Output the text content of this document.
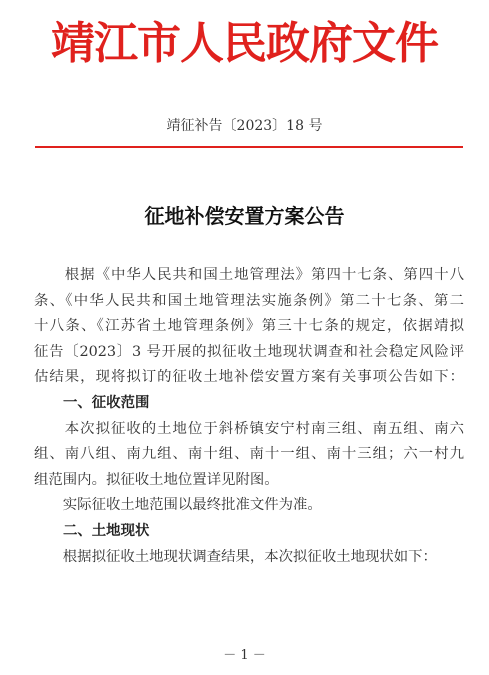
靖江市人民政府文件
靖征补告〔2023〕18 号
征地补偿安置方案公告
　　根据《中华人民共和国土地管理法》第四十七条、第四十八
条、《中华人民共和国土地管理法实施条例》第二十七条、第二
十八条、《江苏省土地管理条例》第三十七条的规定，依据靖拟
征告〔2023〕3 号开展的拟征收土地现状调查和社会稳定风险评
估结果，现将拟订的征收土地补偿安置方案有关事项公告如下：
一、征收范围
　　本次拟征收的土地位于斜桥镇安宁村南三组、南五组、南六
组、南八组、南九组、南十组、南十一组、南十三组；六一村九
组范围内。拟征收土地位置详见附图。
　　实际征收土地范围以最终批准文件为准。
二、土地现状
　　根据拟征收土地现状调查结果，本次拟征收土地现状如下：
－ 1 －
